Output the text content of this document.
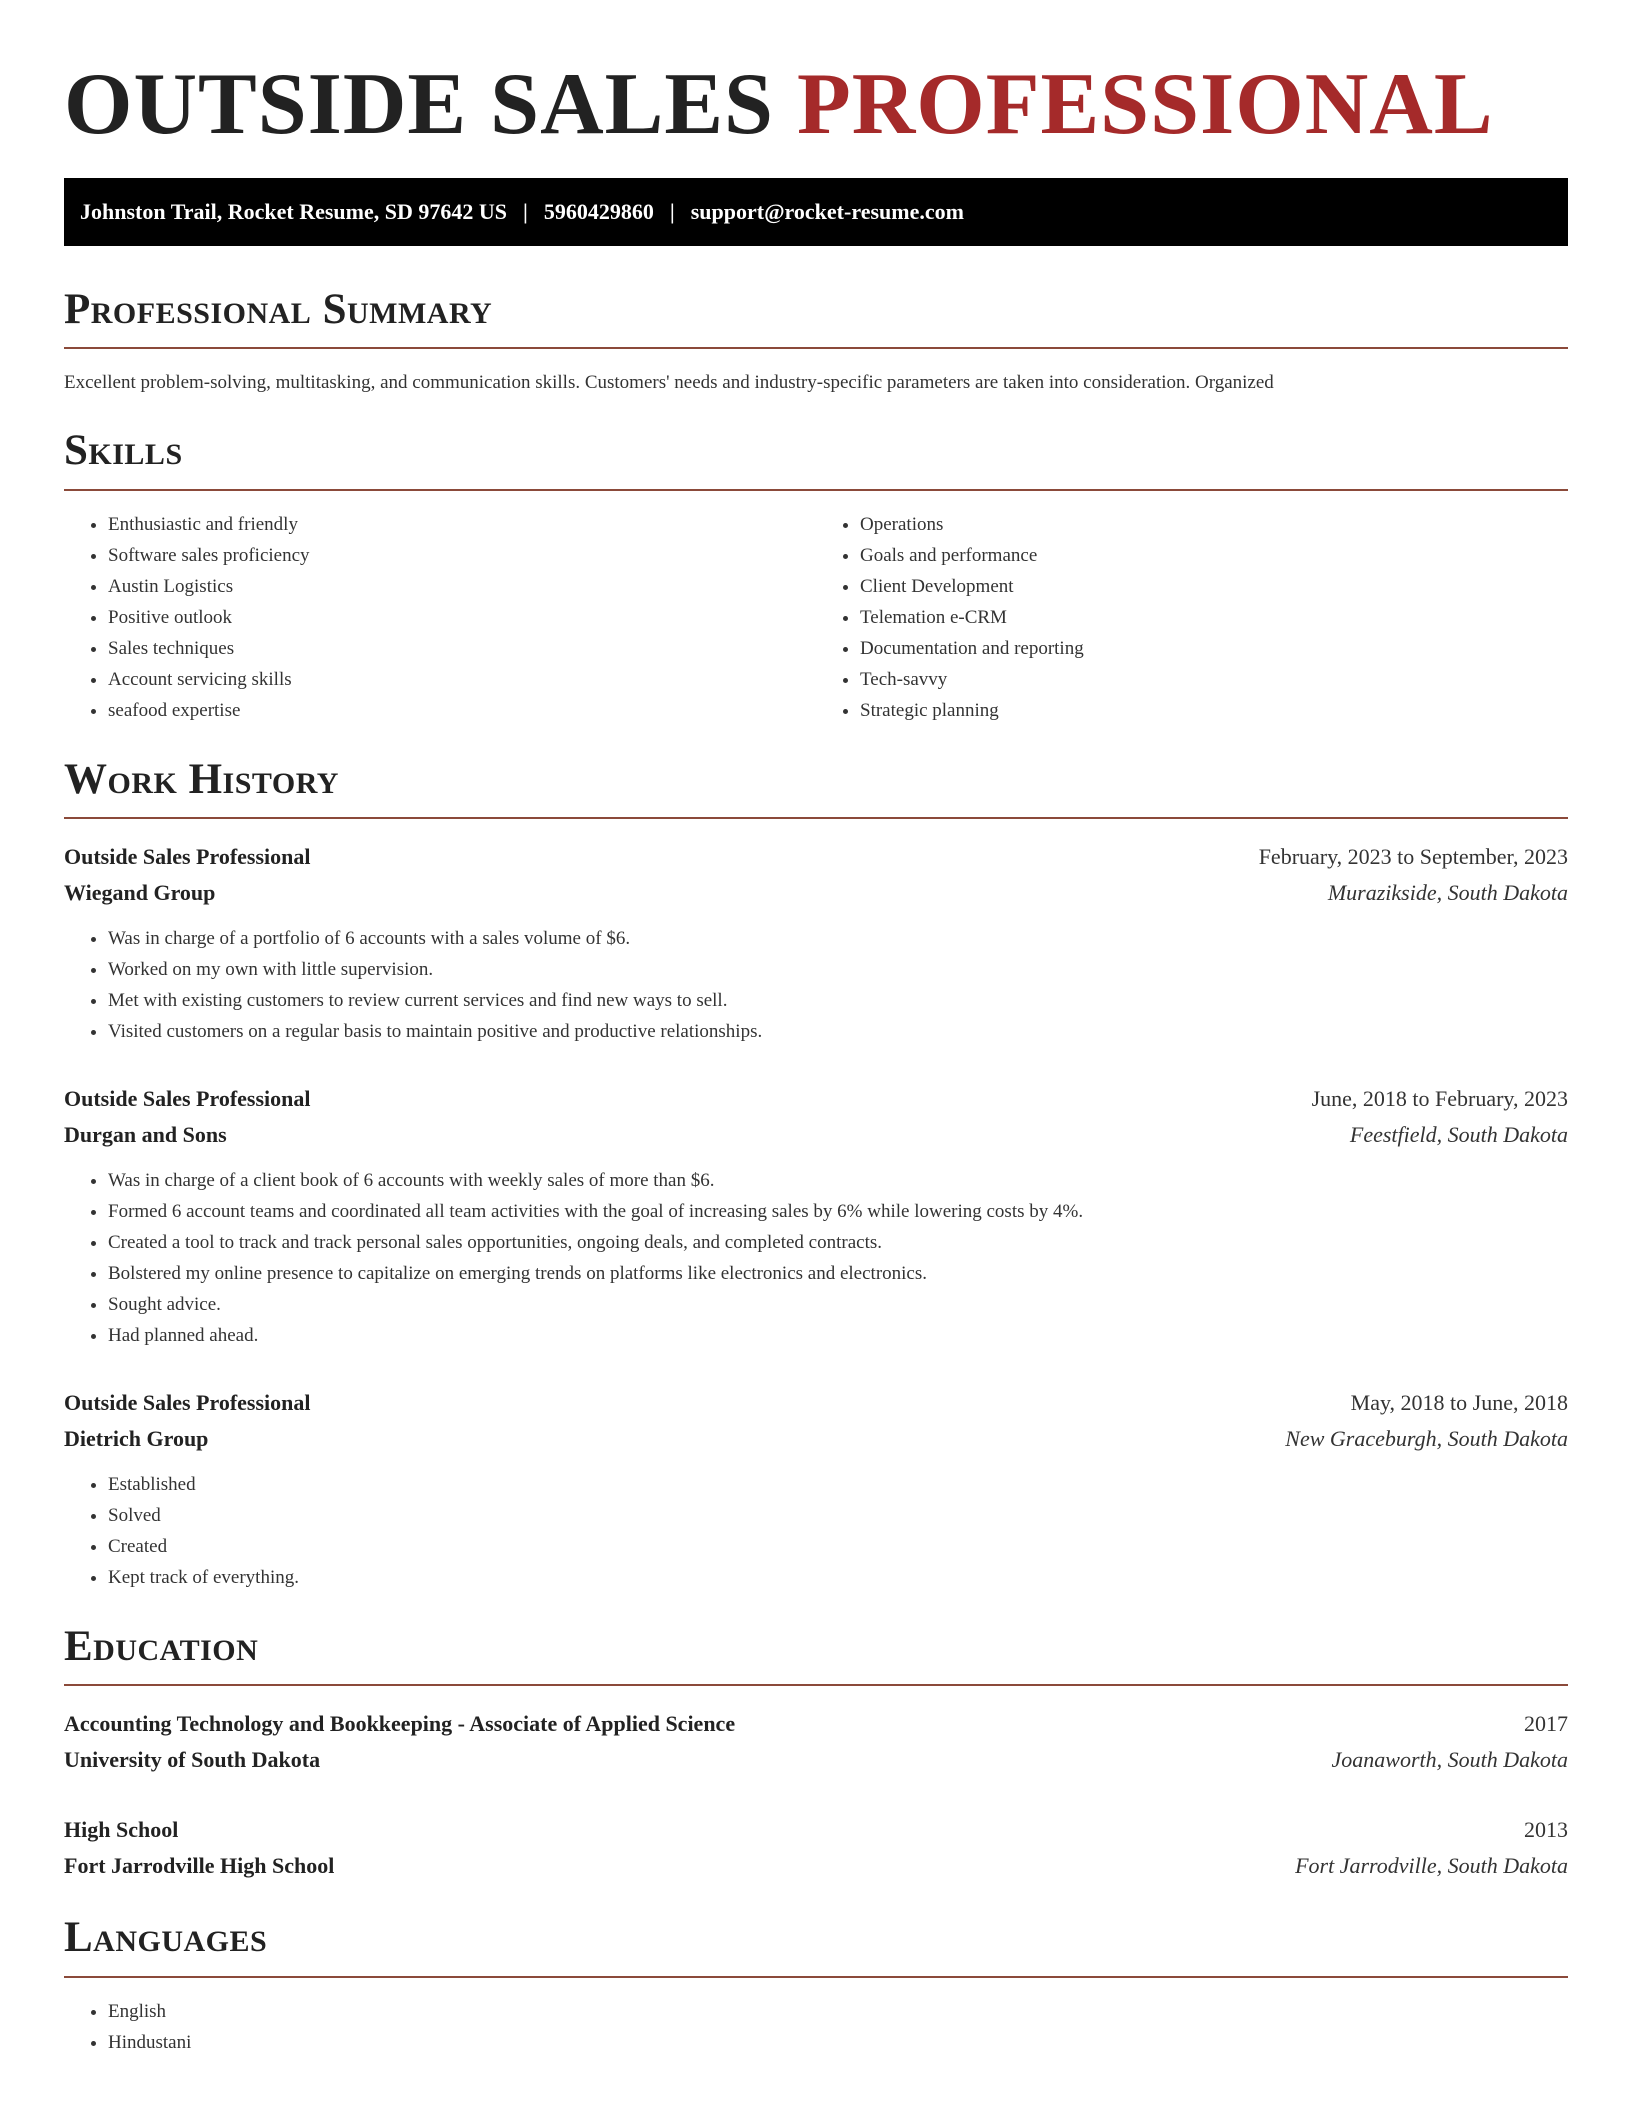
OUTSIDE SALES PROFESSIONAL
Johnston Trail, Rocket Resume, SD 97642 US | 5960429860 | support@rocket-resume.com
Professional Summary

Excellent problem-solving, multitasking, and communication skills. Customers' needs and industry-specific parameters are taken into consideration. Organized

Skills
• Enthusiastic and friendly
• Software sales proficiency
• Austin Logistics
• Positive outlook
• Sales techniques
• Account servicing skills
• seafood expertise
• Operations
• Goals and performance
• Client Development
• Telemation e-CRM
• Documentation and reporting
• Tech-savvy
• Strategic planning
Work History
Outside Sales Professional	February, 2023 to September, 2023
Wiegand Group	Murazikside, South Dakota
• Was in charge of a portfolio of 6 accounts with a sales volume of $6.
• Worked on my own with little supervision.
• Met with existing customers to review current services and find new ways to sell.
• Visited customers on a regular basis to maintain positive and productive relationships.
Outside Sales Professional	June, 2018 to February, 2023
Durgan and Sons	Feestfield, South Dakota
• Was in charge of a client book of 6 accounts with weekly sales of more than $6.
• Formed 6 account teams and coordinated all team activities with the goal of increasing sales by 6% while lowering costs by 4%.
• Created a tool to track and track personal sales opportunities, ongoing deals, and completed contracts.
• Bolstered my online presence to capitalize on emerging trends on platforms like electronics and electronics.
• Sought advice.
• Had planned ahead.
Outside Sales Professional	May, 2018 to June, 2018
Dietrich Group	New Graceburgh, South Dakota
• Established
• Solved
• Created
• Kept track of everything.
Education
Accounting Technology and Bookkeeping - Associate of Applied Science	2017
University of South Dakota	Joanaworth, South Dakota
High School	2013
Fort Jarrodville High School	Fort Jarrodville, South Dakota
Languages
• English
• Hindustani
